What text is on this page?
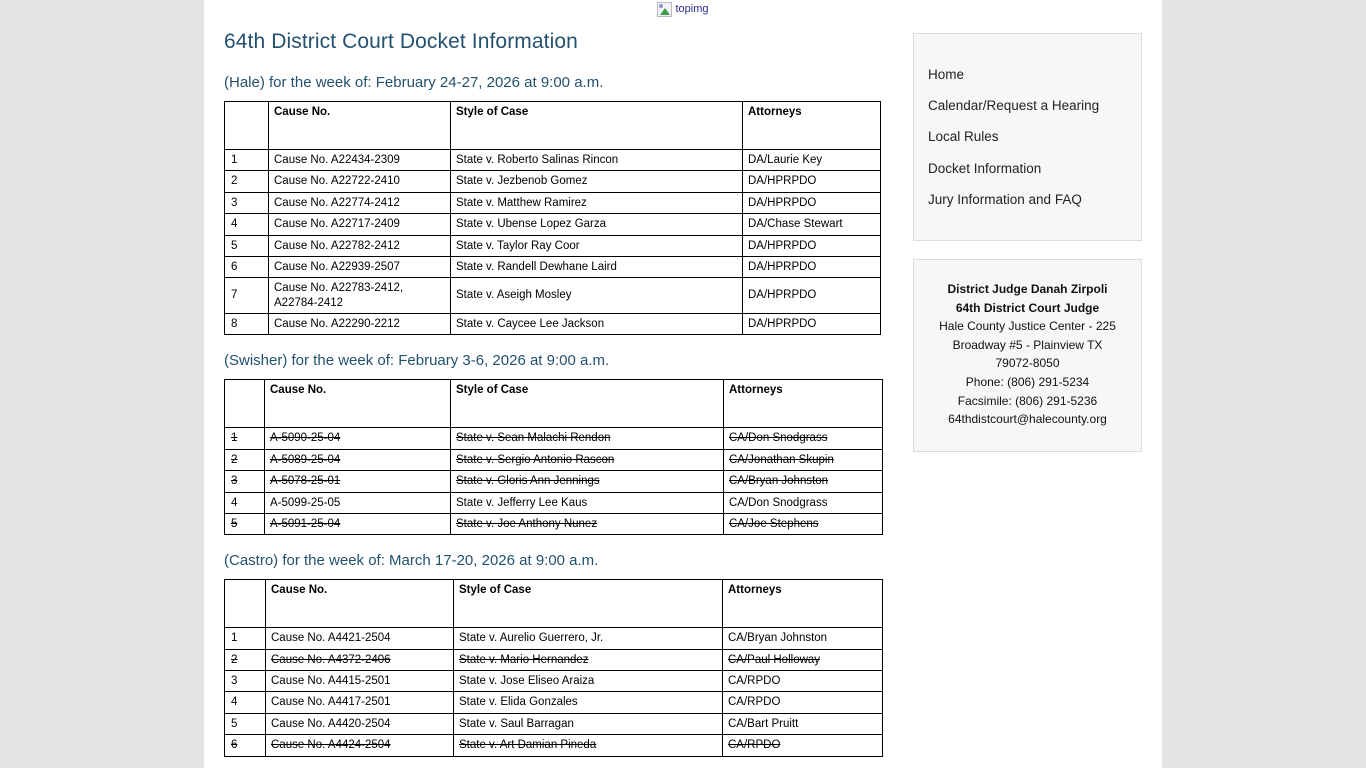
topimg
64th District Court Docket Information
(Hale) for the week of: February 24-27, 2026 at 9:00 a.m.
	Cause No.	Style of Case	Attorneys
1	Cause No. A22434-2309	State v. Roberto Salinas Rincon	DA/Laurie Key
2	Cause No. A22722-2410	State v. Jezbenob Gomez	DA/HPRPDO
3	Cause No. A22774-2412	State v. Matthew Ramirez	DA/HPRPDO
4	Cause No. A22717-2409	State v. Ubense Lopez Garza	DA/Chase Stewart
5	Cause No. A22782-2412	State v. Taylor Ray Coor	DA/HPRPDO
6	Cause No. A22939-2507	State v. Randell Dewhane Laird	DA/HPRPDO
7	Cause No. A22783-2412, A22784-2412	State v. Aseigh Mosley	DA/HPRPDO
8	Cause No. A22290-2212	State v. Caycee Lee Jackson	DA/HPRPDO
(Swisher) for the week of: February 3-6, 2026 at 9:00 a.m.
	Cause No.	Style of Case	Attorneys
1	A-5090-25-04	State v. Sean Malachi Rendon	CA/Don Snodgrass
2	A-5089-25-04	State v. Sergio Antonio Rascon	CA/Jonathan Skupin
3	A-5078-25-01	State v. Gloris Ann Jennings	CA/Bryan Johnston
4	A-5099-25-05	State v. Jefferry Lee Kaus	CA/Don Snodgrass
5	A-5091-25-04	State v. Joe Anthony Nunez	CA/Joe Stephens
(Castro) for the week of: March 17-20, 2026 at 9:00 a.m.
	Cause No.	Style of Case	Attorneys
1	Cause No. A4421-2504	State v. Aurelio Guerrero, Jr.	CA/Bryan Johnston
2	Cause No. A4372-2406	State v. Mario Hernandez	CA/Paul Holloway
3	Cause No. A4415-2501	State v. Jose Eliseo Araiza	CA/RPDO
4	Cause No. A4417-2501	State v. Elida Gonzales	CA/RPDO
5	Cause No. A4420-2504	State v. Saul Barragan	CA/Bart Pruitt
6	Cause No. A4424-2504	State v. Art Damian Pineda	CA/RPDO
Home
Calendar/Request a Hearing
Local Rules
Docket Information
Jury Information and FAQ
District Judge Danah Zirpoli
64th District Court Judge
Hale County Justice Center - 225
Broadway #5 - Plainview TX
79072-8050
Phone: (806) 291-5234
Facsimile: (806) 291-5236
64thdistcourt@halecounty.org
